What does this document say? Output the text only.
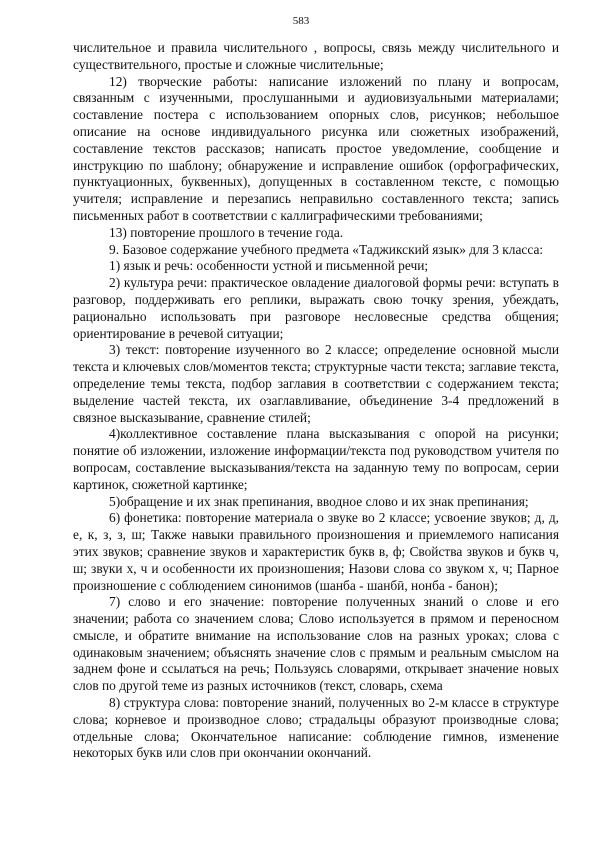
583

числительное и правила числительного , вопросы, связь между числительного и существительного, простые и сложные числительные;

12) творческие работы: написание изложений по плану и вопросам, связанным с изученными, прослушанными и аудиовизуальными материалами; составление постера с использованием опорных слов, рисунков; небольшое описание на основе индивидуального рисунка или сюжетных изображений, составление текстов рассказов; написать простое уведомление, сообщение и инструкцию по шаблону; обнаружение и исправление ошибок (орфографических, пунктуационных, буквенных), допущенных в составленном тексте, с помощью учителя; исправление и перезапись неправильно составленного текста; запись письменных работ в соответствии с каллиграфическими требованиями;

13) повторение прошлого в течение года.

9. Базовое содержание учебного предмета «Таджикский язык» для 3 класса:

1) язык и речь: особенности устной и письменной речи;

2) культура речи: практическое овладение диалоговой формы речи: вступать в разговор, поддерживать его реплики, выражать свою точку зрения, убеждать, рационально использовать при разговоре несловесные средства общения; ориентирование в речевой ситуации;

3) текст: повторение изученного во 2 классе; определение основной мысли текста и ключевых слов/моментов текста; структурные части текста; заглавие текста, определение темы текста, подбор заглавия в соответствии с содержанием текста; выделение частей текста, их озаглавливание, объединение 3-4 предложений в связное высказывание, сравнение стилей;

4)коллективное составление плана высказывания с опорой на рисунки; понятие об изложении, изложение информации/текста под руководством учителя по вопросам, составление высказывания/текста на заданную тему по вопросам, серии картинок, сюжетной картинке;

5)обращение и их знак препинания, вводное слово и их знак препинания;

6) фонетика: повторение материала о звуке во 2 классе; усвоение звуков; д, д, е, к, з, з, ш; Также навыки правильного произношения и приемлемого написания этих звуков; сравнение звуков и характеристик букв в, ф; Свойства звуков и букв ч, ш; звуки х, ч и особенности их произношения; Назови слова со звуком х, ч; Парное произношение с соблюдением синонимов (шанба - шанбӣ, нонба - банон);

7) слово и его значение: повторение полученных знаний о слове и его значении; работа со значением слова; Слово используется в прямом и переносном смысле, и обратите внимание на использование слов на разных уроках; слова с одинаковым значением; объяснять значение слов с прямым и реальным смыслом на заднем фоне и ссылаться на речь; Пользуясь словарями, открывает значение новых слов по другой теме из разных источников (текст, словарь, схема

8) структура слова: повторение знаний, полученных во 2-м классе в структуре слова; корневое и производное слово; страдальцы образуют производные слова; отдельные слова; Окончательное написание: соблюдение гимнов, изменение некоторых букв или слов при окончании окончаний.
